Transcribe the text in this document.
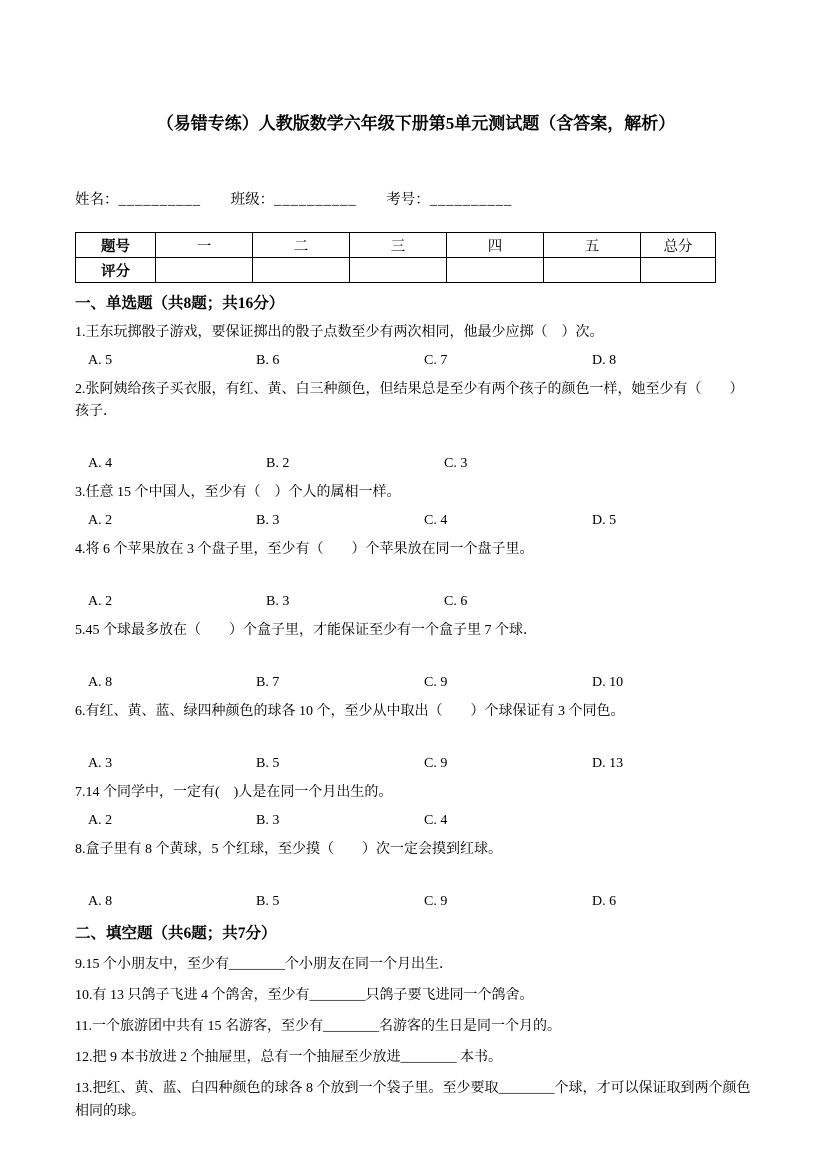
（易错专练）人教版数学六年级下册第5单元测试题（含答案，解析）
姓名：__________ 班级：__________ 考号：__________
题号	一	二	三	四	五	总分
评分						
一、单选题（共8题；共16分）
1.王东玩掷骰子游戏，要保证掷出的骰子点数至少有两次相同，他最少应掷（　）次。
A. 5	B. 6	C. 7	D. 8
2.张阿姨给孩子买衣服，有红、黄、白三种颜色，但结果总是至少有两个孩子的颜色一样，她至少有（　　）孩子．
A. 4	B. 2	C. 3
3.任意 15 个中国人，至少有（　）个人的属相一样。
A. 2	B. 3	C. 4	D. 5
4.将 6 个苹果放在 3 个盘子里，至少有（　　）个苹果放在同一个盘子里。
A. 2	B. 3	C. 6
5.45 个球最多放在（　　）个盒子里，才能保证至少有一个盒子里 7 个球．
A. 8	B. 7	C. 9	D. 10
6.有红、黄、蓝、绿四种颜色的球各 10 个，至少从中取出（　　）个球保证有 3 个同色。
A. 3	B. 5	C. 9	D. 13
7.14 个同学中，一定有(　)人是在同一个月出生的。
A. 2	B. 3	C. 4
8.盒子里有 8 个黄球，5 个红球，至少摸（　　）次一定会摸到红球。
A. 8	B. 5	C. 9	D. 6
二、填空题（共6题；共7分）
9.15 个小朋友中，至少有________个小朋友在同一个月出生．
10.有 13 只鸽子飞进 4 个鸽舍，至少有________只鸽子要飞进同一个鸽舍。
11.一个旅游团中共有 15 名游客，至少有________名游客的生日是同一个月的。
12.把 9 本书放进 2 个抽屉里，总有一个抽屉至少放进________ 本书。
13.把红、黄、蓝、白四种颜色的球各 8 个放到一个袋子里。至少要取________个球，才可以保证取到两个颜色相同的球。
